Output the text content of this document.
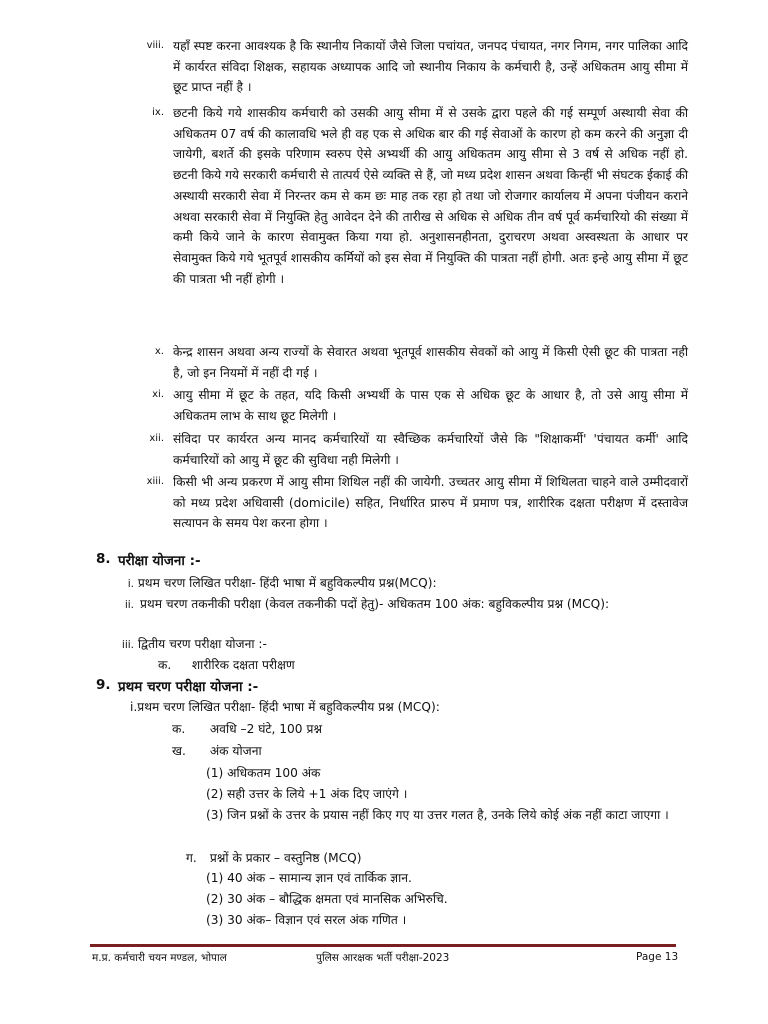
viii. यहाँ स्पष्ट करना आवश्यक है कि स्थानीय निकायों जैसे जिला पचांयत, जनपद पंचायत, नगर निगम, नगर पालिका आदि में कार्यरत संविदा शिक्षक, सहायक अध्यापक आदि जो स्थानीय निकाय के कर्मचारी है, उन्हें अधिकतम आयु सीमा में छूट प्राप्त नहीं है ।
ix. छटनी किये गये शासकीय कर्मचारी को उसकी आयु सीमा में से उसके द्वारा पहले की गई सम्पूर्ण अस्थायी सेवा की अधिकतम 07 वर्ष की कालावधि भले ही वह एक से अधिक बार की गई सेवाओं के कारण हो कम करने की अनुज्ञा दी जायेगी, बशर्ते की इसके परिणाम स्वरुप ऐसे अभ्यर्थी की आयु अधिकतम आयु सीमा से 3 वर्ष से अधिक नहीं हो. छटनी किये गये सरकारी कर्मचारी से तात्पर्य ऐसे व्यक्ति से हैं, जो मध्य प्रदेश शासन अथवा किन्हीं भी संघटक ईकाई की अस्थायी सरकारी सेवा में निरन्तर कम से कम छः माह तक रहा हो तथा जो रोजगार कार्यालय में अपना पंजीयन कराने अथवा सरकारी सेवा में नियुक्ति हेतु आवेदन देने की तारीख से अधिक से अधिक तीन वर्ष पूर्व कर्मचारियो की संख्या में कमी किये जाने के कारण सेवामुक्त किया गया हो. अनुशासनहीनता, दुराचरण अथवा अस्वस्थता के आधार पर सेवामुक्त किये गये भूतपूर्व शासकीय कर्मियों को इस सेवा में नियुक्ति की पात्रता नहीं होगी. अतः इन्हे आयु सीमा में छूट की पात्रता भी नहीं होगी ।
x. केन्द्र शासन अथवा अन्य राज्यों के सेवारत अथवा भूतपूर्व शासकीय सेवकों को आयु में किसी ऐसी छूट की पात्रता नही है, जो इन नियमों में नहीं दी गई ।
xi. आयु सीमा में छूट के तहत, यदि किसी अभ्यर्थी के पास एक से अधिक छूट के आधार है, तो उसे आयु सीमा में अधिकतम लाभ के साथ छूट मिलेगी ।
xii. संविदा पर कार्यरत अन्य मानद कर्मचारियों या स्वैच्छिक कर्मचारियों जैसे कि "शिक्षाकर्मी' 'पंचायत कर्मी' आदि कर्मचारियों को आयु में छूट की सुविधा नही मिलेगी ।
xiii. किसी भी अन्य प्रकरण में आयु सीमा शिथिल नहीं की जायेगी. उच्चतर आयु सीमा में शिथिलता चाहने वाले उम्मीदवारों को मध्य प्रदेश अधिवासी (domicile) सहित, निर्धारित प्रारुप में प्रमाण पत्र, शारीरिक दक्षता परीक्षण में दस्तावेज सत्यापन के समय पेश करना होगा ।
8. परीक्षा योजना :-
i. प्रथम चरण लिखित परीक्षा- हिंदी भाषा में बहुविकल्पीय प्रश्न(MCQ):
ii. प्रथम चरण तकनीकी परीक्षा (केवल तकनीकी पदों हेतु)- अधिकतम 100 अंक: बहुविकल्पीय प्रश्न (MCQ):
iii. द्वितीय चरण परीक्षा योजना :-
क. शारीरिक दक्षता परीक्षण
9. प्रथम चरण परीक्षा योजना :-
i.प्रथम चरण लिखित परीक्षा- हिंदी भाषा में बहुविकल्पीय प्रश्न (MCQ):
क. अवधि –2 घंटे, 100 प्रश्न
ख. अंक योजना
(1) अधिकतम 100 अंक
(2) सही उत्तर के लिये +1 अंक दिए जाएंगे ।
(3) जिन प्रश्नों के उत्तर के प्रयास नहीं किए गए या उत्तर गलत है, उनके लिये कोई अंक नहीं काटा जाएगा ।
ग. प्रश्नों के प्रकार – वस्तुनिष्ठ (MCQ)
(1) 40 अंक – सामान्य ज्ञान एवं तार्किक ज्ञान.
(2) 30 अंक – बौद्धिक क्षमता एवं मानसिक अभिरुचि.
(3) 30 अंक– विज्ञान एवं सरल अंक गणित ।
म.प्र. कर्मचारी चयन मण्डल, भोपाल	पुलिस आरक्षक भर्ती परीक्षा-2023	Page 13
